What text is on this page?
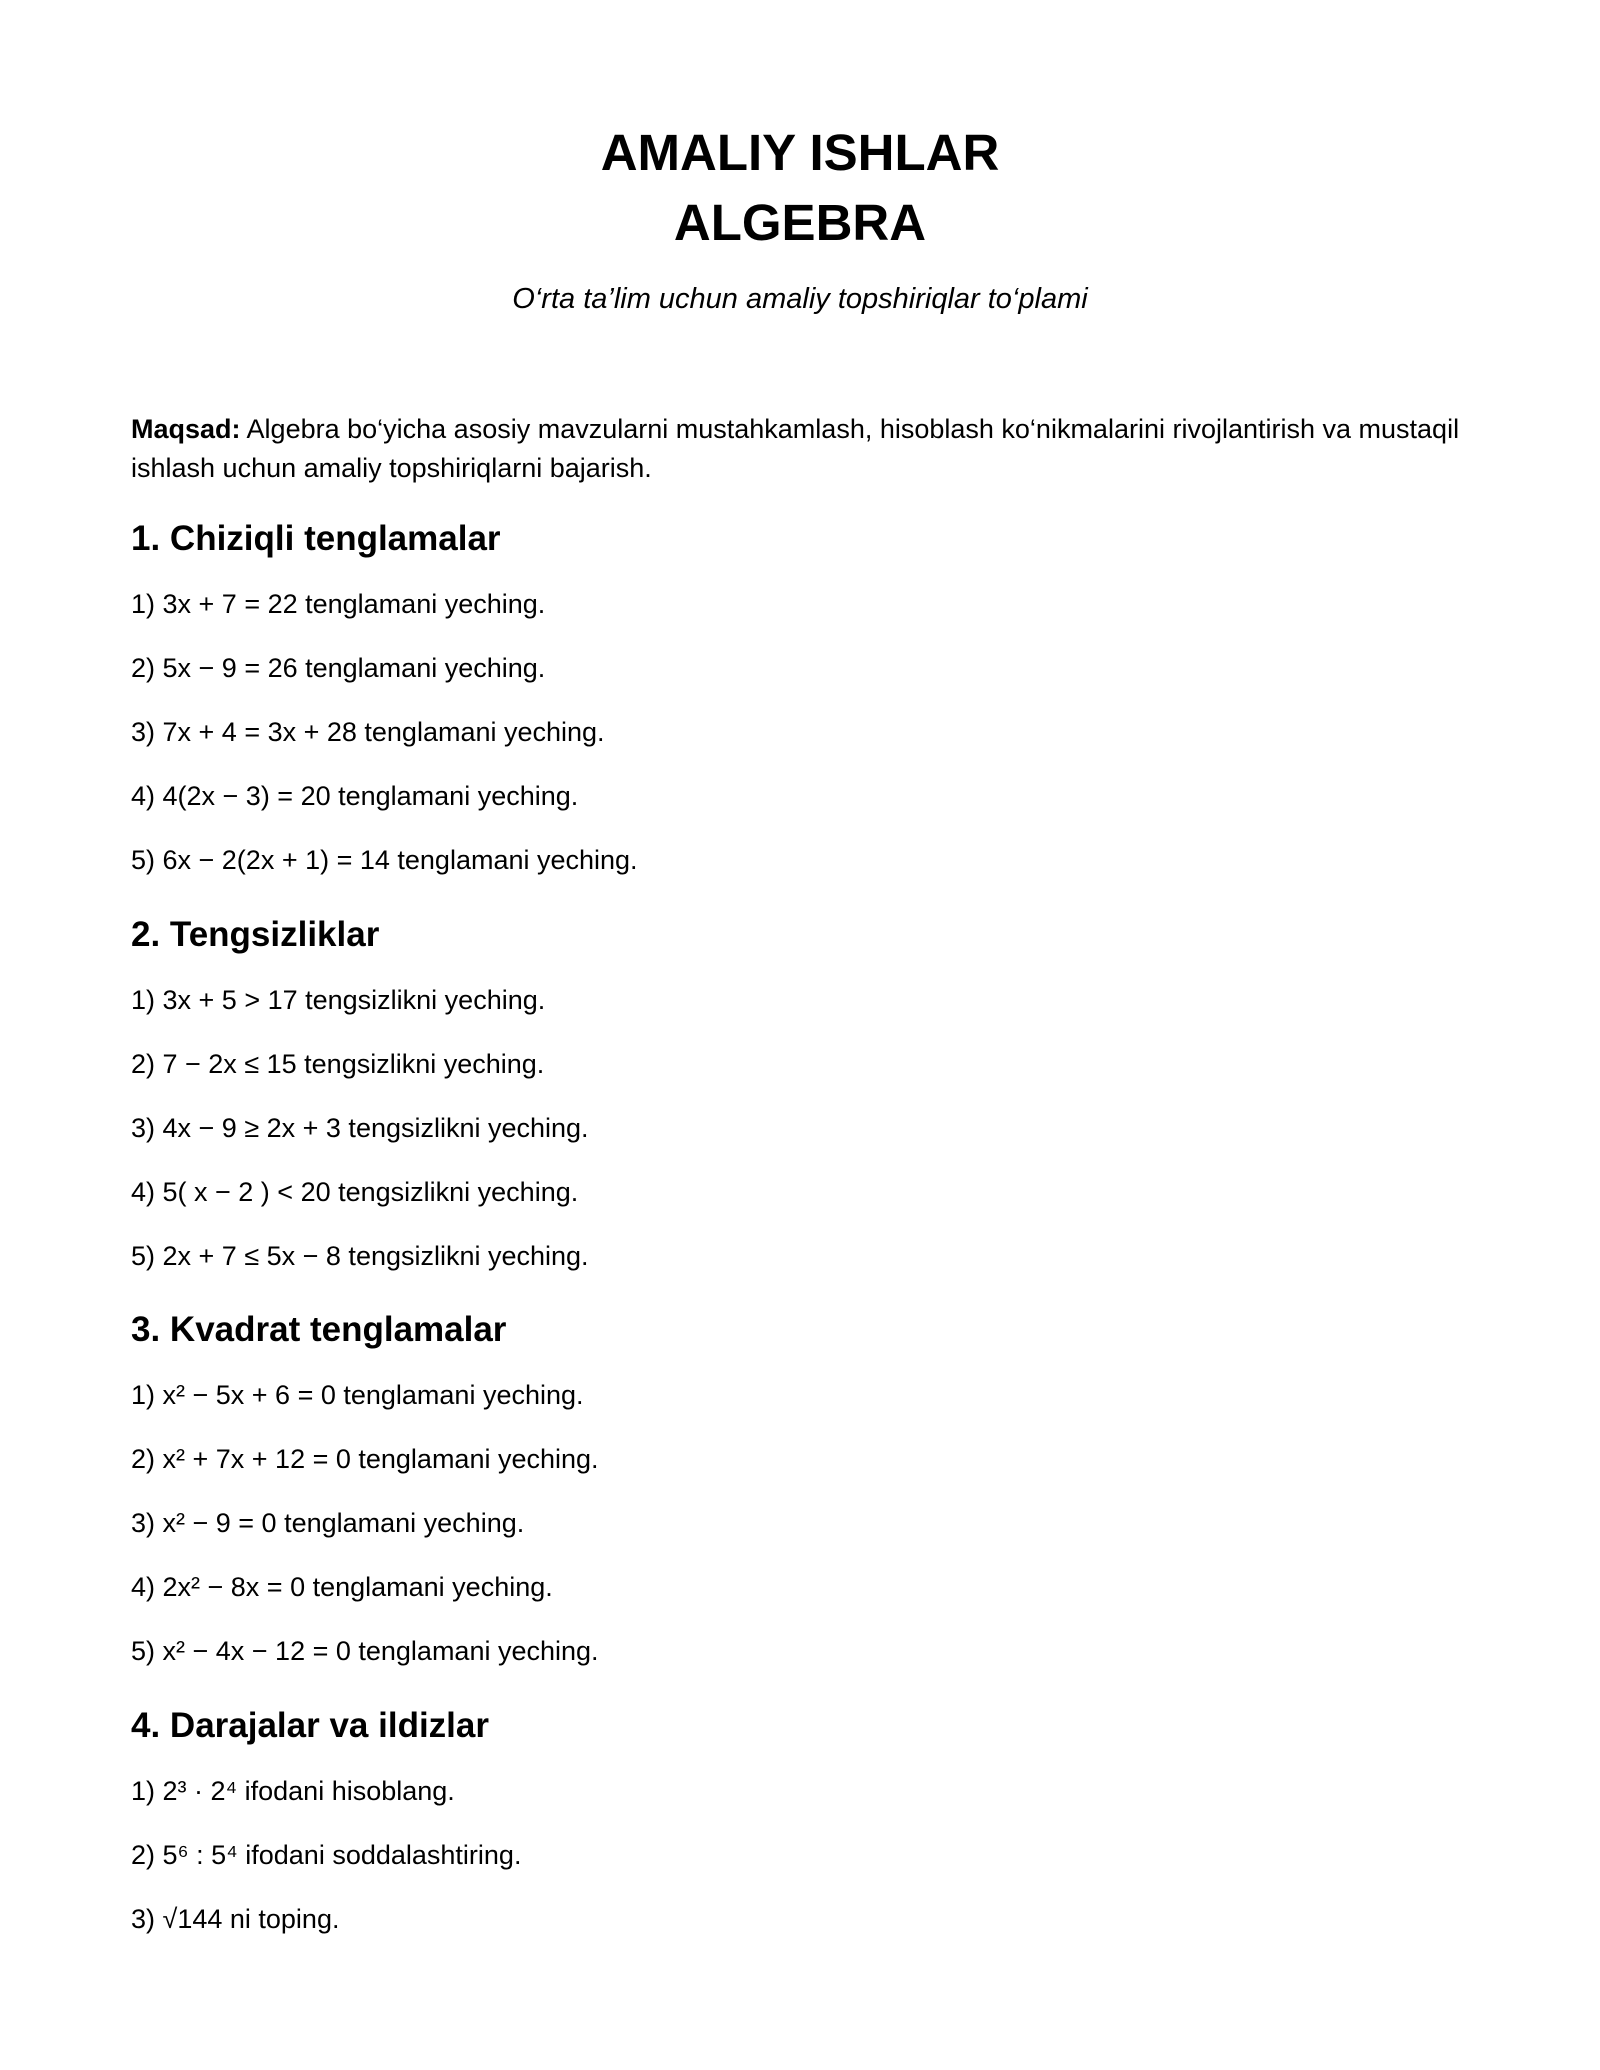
AMALIY ISHLAR
ALGEBRA
O‘rta ta’lim uchun amaliy topshiriqlar to‘plami
Maqsad: Algebra bo‘yicha asosiy mavzularni mustahkamlash, hisoblash ko‘nikmalarini rivojlantirish va mustaqil ishlash uchun amaliy topshiriqlarni bajarish.
1. Chiziqli tenglamalar
1) 3x + 7 = 22 tenglamani yeching.
2) 5x − 9 = 26 tenglamani yeching.
3) 7x + 4 = 3x + 28 tenglamani yeching.
4) 4(2x − 3) = 20 tenglamani yeching.
5) 6x − 2(2x + 1) = 14 tenglamani yeching.
2. Tengsizliklar
1) 3x + 5 > 17 tengsizlikni yeching.
2) 7 − 2x ≤ 15 tengsizlikni yeching.
3) 4x − 9 ≥ 2x + 3 tengsizlikni yeching.
4) 5( x − 2 ) < 20 tengsizlikni yeching.
5) 2x + 7 ≤ 5x − 8 tengsizlikni yeching.
3. Kvadrat tenglamalar
1) x² − 5x + 6 = 0 tenglamani yeching.
2) x² + 7x + 12 = 0 tenglamani yeching.
3) x² − 9 = 0 tenglamani yeching.
4) 2x² − 8x = 0 tenglamani yeching.
5) x² − 4x − 12 = 0 tenglamani yeching.
4. Darajalar va ildizlar
1) 2³ · 2⁴ ifodani hisoblang.
2) 5⁶ : 5⁴ ifodani soddalashtiring.
3) √144 ni toping.
